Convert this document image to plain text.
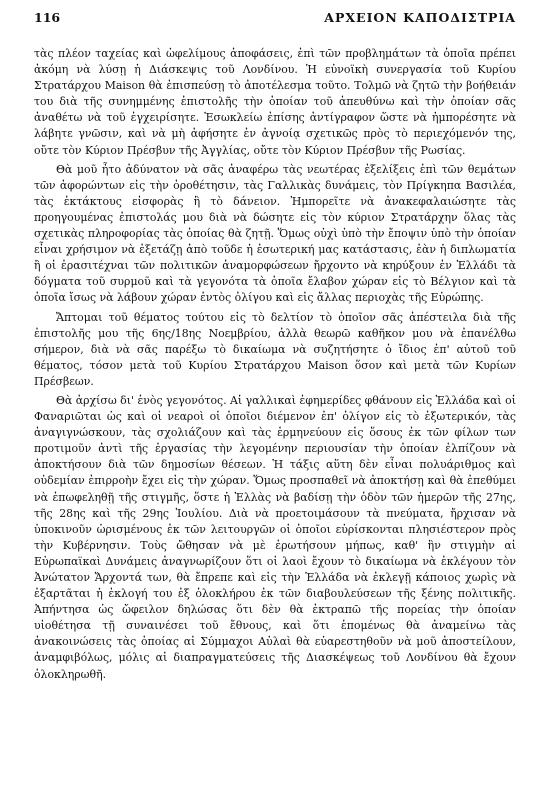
116	ΑΡΧΕΙΟΝ ΚΑΠΟΔΙΣΤΡΙΑ

τὰς πλέον ταχείας καὶ ὠφελίμους ἀποφάσεις, ἐπὶ τῶν προβλημάτων τὰ ὁποῖα πρέπει ἀκόμη νὰ λύσῃ ἡ Διάσκεψις τοῦ Λονδίνου. Ἡ εὐνοϊκὴ συνεργασία τοῦ Κυρίου Στρατάρχου Maison θὰ ἐπισπεύσῃ τὸ ἀποτέλεσμα τοῦτο. Τολμῶ νὰ ζητῶ τὴν βοήθειάν του διὰ τῆς συνημμένης ἐπιστολῆς τὴν ὁποίαν τοῦ ἀπευθύνω καὶ τὴν ὁποίαν σᾶς ἀναθέτω νὰ τοῦ ἐγχειρίσητε. Ἐσωκλείω ἐπίσης ἀντίγραφον ὥστε νὰ ἠμπορέσητε νὰ λάβητε γνῶσιν, καὶ νὰ μὴ ἀφήσητε ἐν ἀγνοίᾳ σχετικῶς πρὸς τὸ περιεχόμενόν της, οὔτε τὸν Κύριον Πρέσβυν τῆς Ἀγγλίας, οὔτε τὸν Κύριον Πρέσβυν τῆς Ρωσίας.

Θὰ μοῦ ἦτο ἀδύνατον νὰ σᾶς ἀναφέρω τὰς νεωτέρας ἐξελίξεις ἐπὶ τῶν θεμάτων τῶν ἀφορώντων εἰς τὴν ὁροθέτησιν, τὰς Γαλλικὰς δυνάμεις, τὸν Πρίγκηπα Βασιλέα, τὰς ἐκτάκτους εἰσφορὰς ἢ τὸ δάνειον. Ἠμπορεῖτε νὰ ἀνακεφαλαιώσητε τὰς προηγουμένας ἐπιστολάς μου διὰ νὰ δώσητε εἰς τὸν κύριον Στρατάρχην ὅλας τὰς σχετικὰς πληροφορίας τὰς ὁποίας θὰ ζητῇ. Ὅμως οὐχὶ ὑπὸ τὴν ἔποψιν ὑπὸ τὴν ὁποίαν εἶναι χρήσιμον νὰ ἐξετάζῃ ἀπὸ τοῦδε ἡ ἐσωτερική μας κατάστασις, ἐὰν ἡ διπλωματία ἢ οἱ ἐρασιτέχναι τῶν πολιτικῶν ἀναμορφώσεων ἤρχοντο νὰ κηρύξουν ἐν Ἑλλάδι τὰ δόγματα τοῦ συρμοῦ καὶ τὰ γεγονότα τὰ ὁποῖα ἔλαβον χώραν εἰς τὸ Βέλγιον καὶ τὰ ὁποῖα ἴσως νὰ λάβουν χώραν ἐντὸς ὀλίγου καὶ εἰς ἄλλας περιοχὰς τῆς Εὐρώπης.

Ἄπτομαι τοῦ θέματος τούτου εἰς τὸ δελτίον τὸ ὁποῖον σᾶς ἀπέστειλα διὰ τῆς ἐπιστολῆς μου τῆς 6ης/18ης Νοεμβρίου, ἀλλὰ θεωρῶ καθῆκον μου νὰ ἐπανέλθω σήμερον, διὰ νὰ σᾶς παρέξω τὸ δικαίωμα νὰ συζητήσητε ὁ ἴδιος ἐπ' αὐτοῦ τοῦ θέματος, τόσον μετὰ τοῦ Κυρίου Στρατάρχου Maison ὅσον καὶ μετὰ τῶν Κυρίων Πρέσβεων.

Θὰ ἀρχίσω δι' ἑνὸς γεγονότος. Αἱ γαλλικαὶ ἐφημερίδες φθάνουν εἰς Ἑλλάδα καὶ οἱ Φαναριῶται ὡς καὶ οἱ νεαροὶ οἱ ὁποῖοι διέμενον ἐπ' ὀλίγον εἰς τὸ ἐξωτερικόν, τὰς ἀναγιγνώσκουν, τὰς σχολιάζουν καὶ τὰς ἑρμηνεύουν εἰς ὅσους ἐκ τῶν φίλων των προτιμοῦν ἀντὶ τῆς ἐργασίας τὴν λεγομένην περιουσίαν τὴν ὁποίαν ἐλπίζουν νὰ ἀποκτήσουν διὰ τῶν δημοσίων θέσεων. Ἡ τάξις αὕτη δὲν εἶναι πολυάριθμος καὶ οὐδεμίαν ἐπιρροὴν ἔχει εἰς τὴν χώραν. Ὅμως προσπαθεῖ νὰ ἀποκτήσῃ καὶ θὰ ἐπεθύμει νὰ ἐπωφεληθῇ τῆς στιγμῆς, ὅστε ἡ Ἑλλὰς νὰ βαδίσῃ τὴν ὁδὸν τῶν ἡμερῶν τῆς 27ης, τῆς 28ης καὶ τῆς 29ης Ἰουλίου. Διὰ νὰ προετοιμάσουν τὰ πνεύματα, ἤρχισαν νὰ ὑποκινοῦν ὡρισμένους ἐκ τῶν λειτουργῶν οἱ ὁποῖοι εὑρίσκονται πλησιέστερον πρὸς τὴν Κυβέρνησιν. Τοὺς ὤθησαν νὰ μὲ ἐρωτήσουν μήπως, καθ' ἣν στιγμὴν αἱ Εὐρωπαϊκαὶ Δυνάμεις ἀναγνωρίζουν ὅτι οἱ λαοὶ ἔχουν τὸ δικαίωμα νὰ ἐκλέγουν τὸν Ἀνώτατον Ἄρχοντά των, θὰ ἔπρεπε καὶ εἰς τὴν Ἑλλάδα νὰ ἐκλεγῇ κάποιος χωρὶς νὰ ἐξαρτᾶται ἡ ἐκλογή του ἐξ ὁλοκλήρου ἐκ τῶν διαβουλεύσεων τῆς ξένης πολιτικῆς. Ἀπήντησα ὡς ὤφειλον δηλώσας ὅτι δὲν θὰ ἐκτραπῶ τῆς πορείας τὴν ὁποίαν υἱοθέτησα τῇ συναινέσει τοῦ ἔθνους, καὶ ὅτι ἑπομένως θὰ ἀναμείνω τὰς ἀνακοινώσεις τὰς ὁποίας αἱ Σύμμαχοι Αὐλαὶ θὰ εὐαρεστηθοῦν νὰ μοῦ ἀποστείλουν, ἀναμφιβόλως, μόλις αἱ διαπραγματεύσεις τῆς Διασκέψεως τοῦ Λονδίνου θὰ ἔχουν ὁλοκληρωθῆ.
